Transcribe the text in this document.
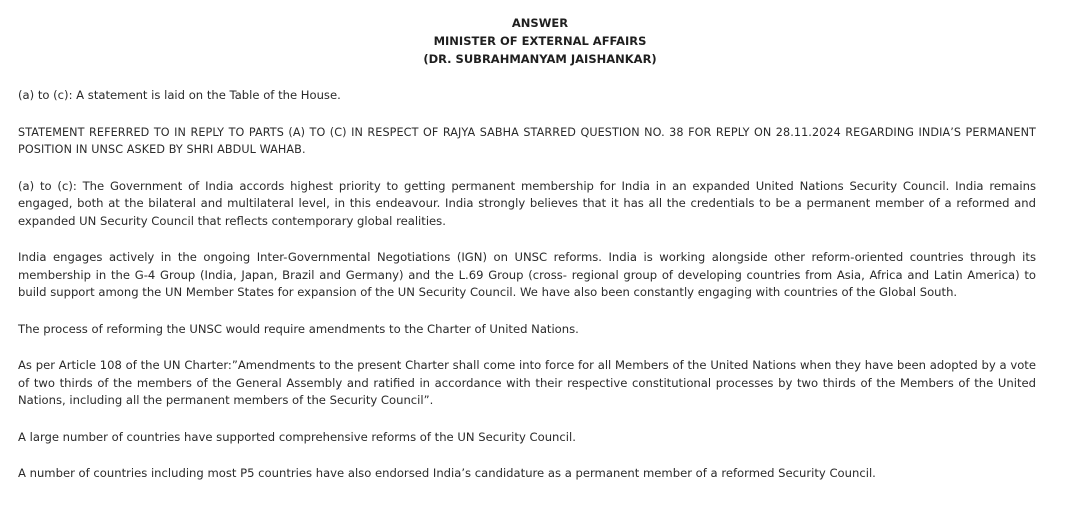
ANSWER
MINISTER OF EXTERNAL AFFAIRS
(DR. SUBRAHMANYAM JAISHANKAR)

(a) to (c): A statement is laid on the Table of the House.

STATEMENT REFERRED TO IN REPLY TO PARTS (A) TO (C) IN RESPECT OF RAJYA SABHA STARRED QUESTION NO. 38 FOR REPLY ON 28.11.2024 REGARDING INDIA’S PERMANENT POSITION IN UNSC ASKED BY SHRI ABDUL WAHAB.

(a) to (c): The Government of India accords highest priority to getting permanent membership for India in an expanded United Nations Security Council. India remains engaged, both at the bilateral and multilateral level, in this endeavour. India strongly believes that it has all the credentials to be a permanent member of a reformed and expanded UN Security Council that reflects contemporary global realities.

India engages actively in the ongoing Inter-Governmental Negotiations (IGN) on UNSC reforms. India is working alongside other reform-oriented countries through its membership in the G-4 Group (India, Japan, Brazil and Germany) and the L.69 Group (cross- regional group of developing countries from Asia, Africa and Latin America) to build support among the UN Member States for expansion of the UN Security Council. We have also been constantly engaging with countries of the Global South.

The process of reforming the UNSC would require amendments to the Charter of United Nations.

As per Article 108 of the UN Charter:”Amendments to the present Charter shall come into force for all Members of the United Nations when they have been adopted by a vote of two thirds of the members of the General Assembly and ratified in accordance with their respective constitutional processes by two thirds of the Members of the United Nations, including all the permanent members of the Security Council”.

A large number of countries have supported comprehensive reforms of the UN Security Council.

A number of countries including most P5 countries have also endorsed India’s candidature as a permanent member of a reformed Security Council.
